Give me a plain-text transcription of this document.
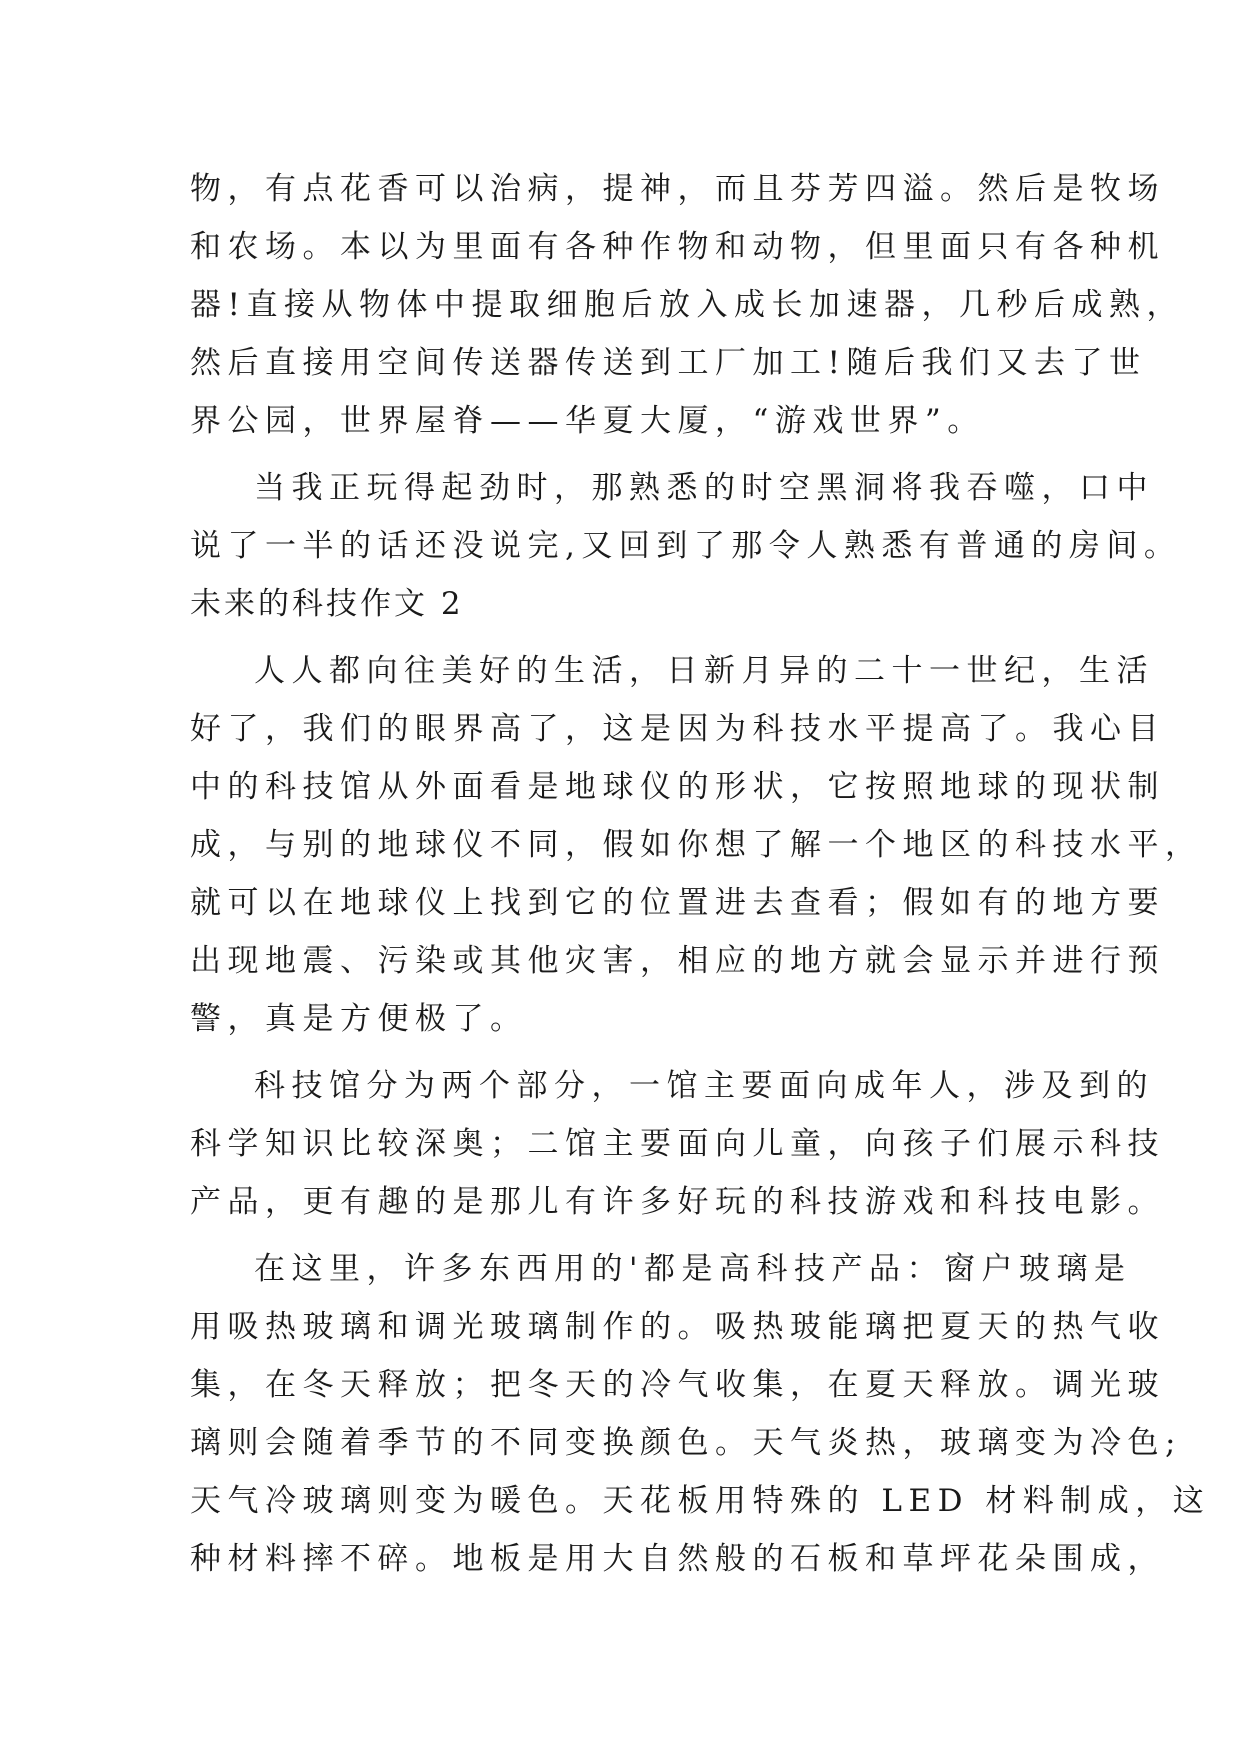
物，有点花香可以治病，提神，而且芬芳四溢。然后是牧场
和农场。本以为里面有各种作物和动物，但里面只有各种机
器!直接从物体中提取细胞后放入成长加速器，几秒后成熟，
然后直接用空间传送器传送到工厂加工!随后我们又去了世
界公园，世界屋脊——华夏大厦，“游戏世界”。
当我正玩得起劲时，那熟悉的时空黑洞将我吞噬，口中
说了一半的话还没说完,又回到了那令人熟悉有普通的房间。
未来的科技作文 2
人人都向往美好的生活，日新月异的二十一世纪，生活
好了，我们的眼界高了，这是因为科技水平提高了。我心目
中的科技馆从外面看是地球仪的形状，它按照地球的现状制
成，与别的地球仪不同，假如你想了解一个地区的科技水平，
就可以在地球仪上找到它的位置进去查看；假如有的地方要
出现地震、污染或其他灾害，相应的地方就会显示并进行预
警，真是方便极了。
科技馆分为两个部分，一馆主要面向成年人，涉及到的
科学知识比较深奥；二馆主要面向儿童，向孩子们展示科技
产品，更有趣的是那儿有许多好玩的科技游戏和科技电影。
在这里，许多东西用的'都是高科技产品：窗户玻璃是
用吸热玻璃和调光玻璃制作的。吸热玻能璃把夏天的热气收
集，在冬天释放；把冬天的冷气收集，在夏天释放。调光玻
璃则会随着季节的不同变换颜色。天气炎热，玻璃变为冷色;
天气冷玻璃则变为暖色。天花板用特殊的 LED 材料制成，这
种材料摔不碎。地板是用大自然般的石板和草坪花朵围成，
